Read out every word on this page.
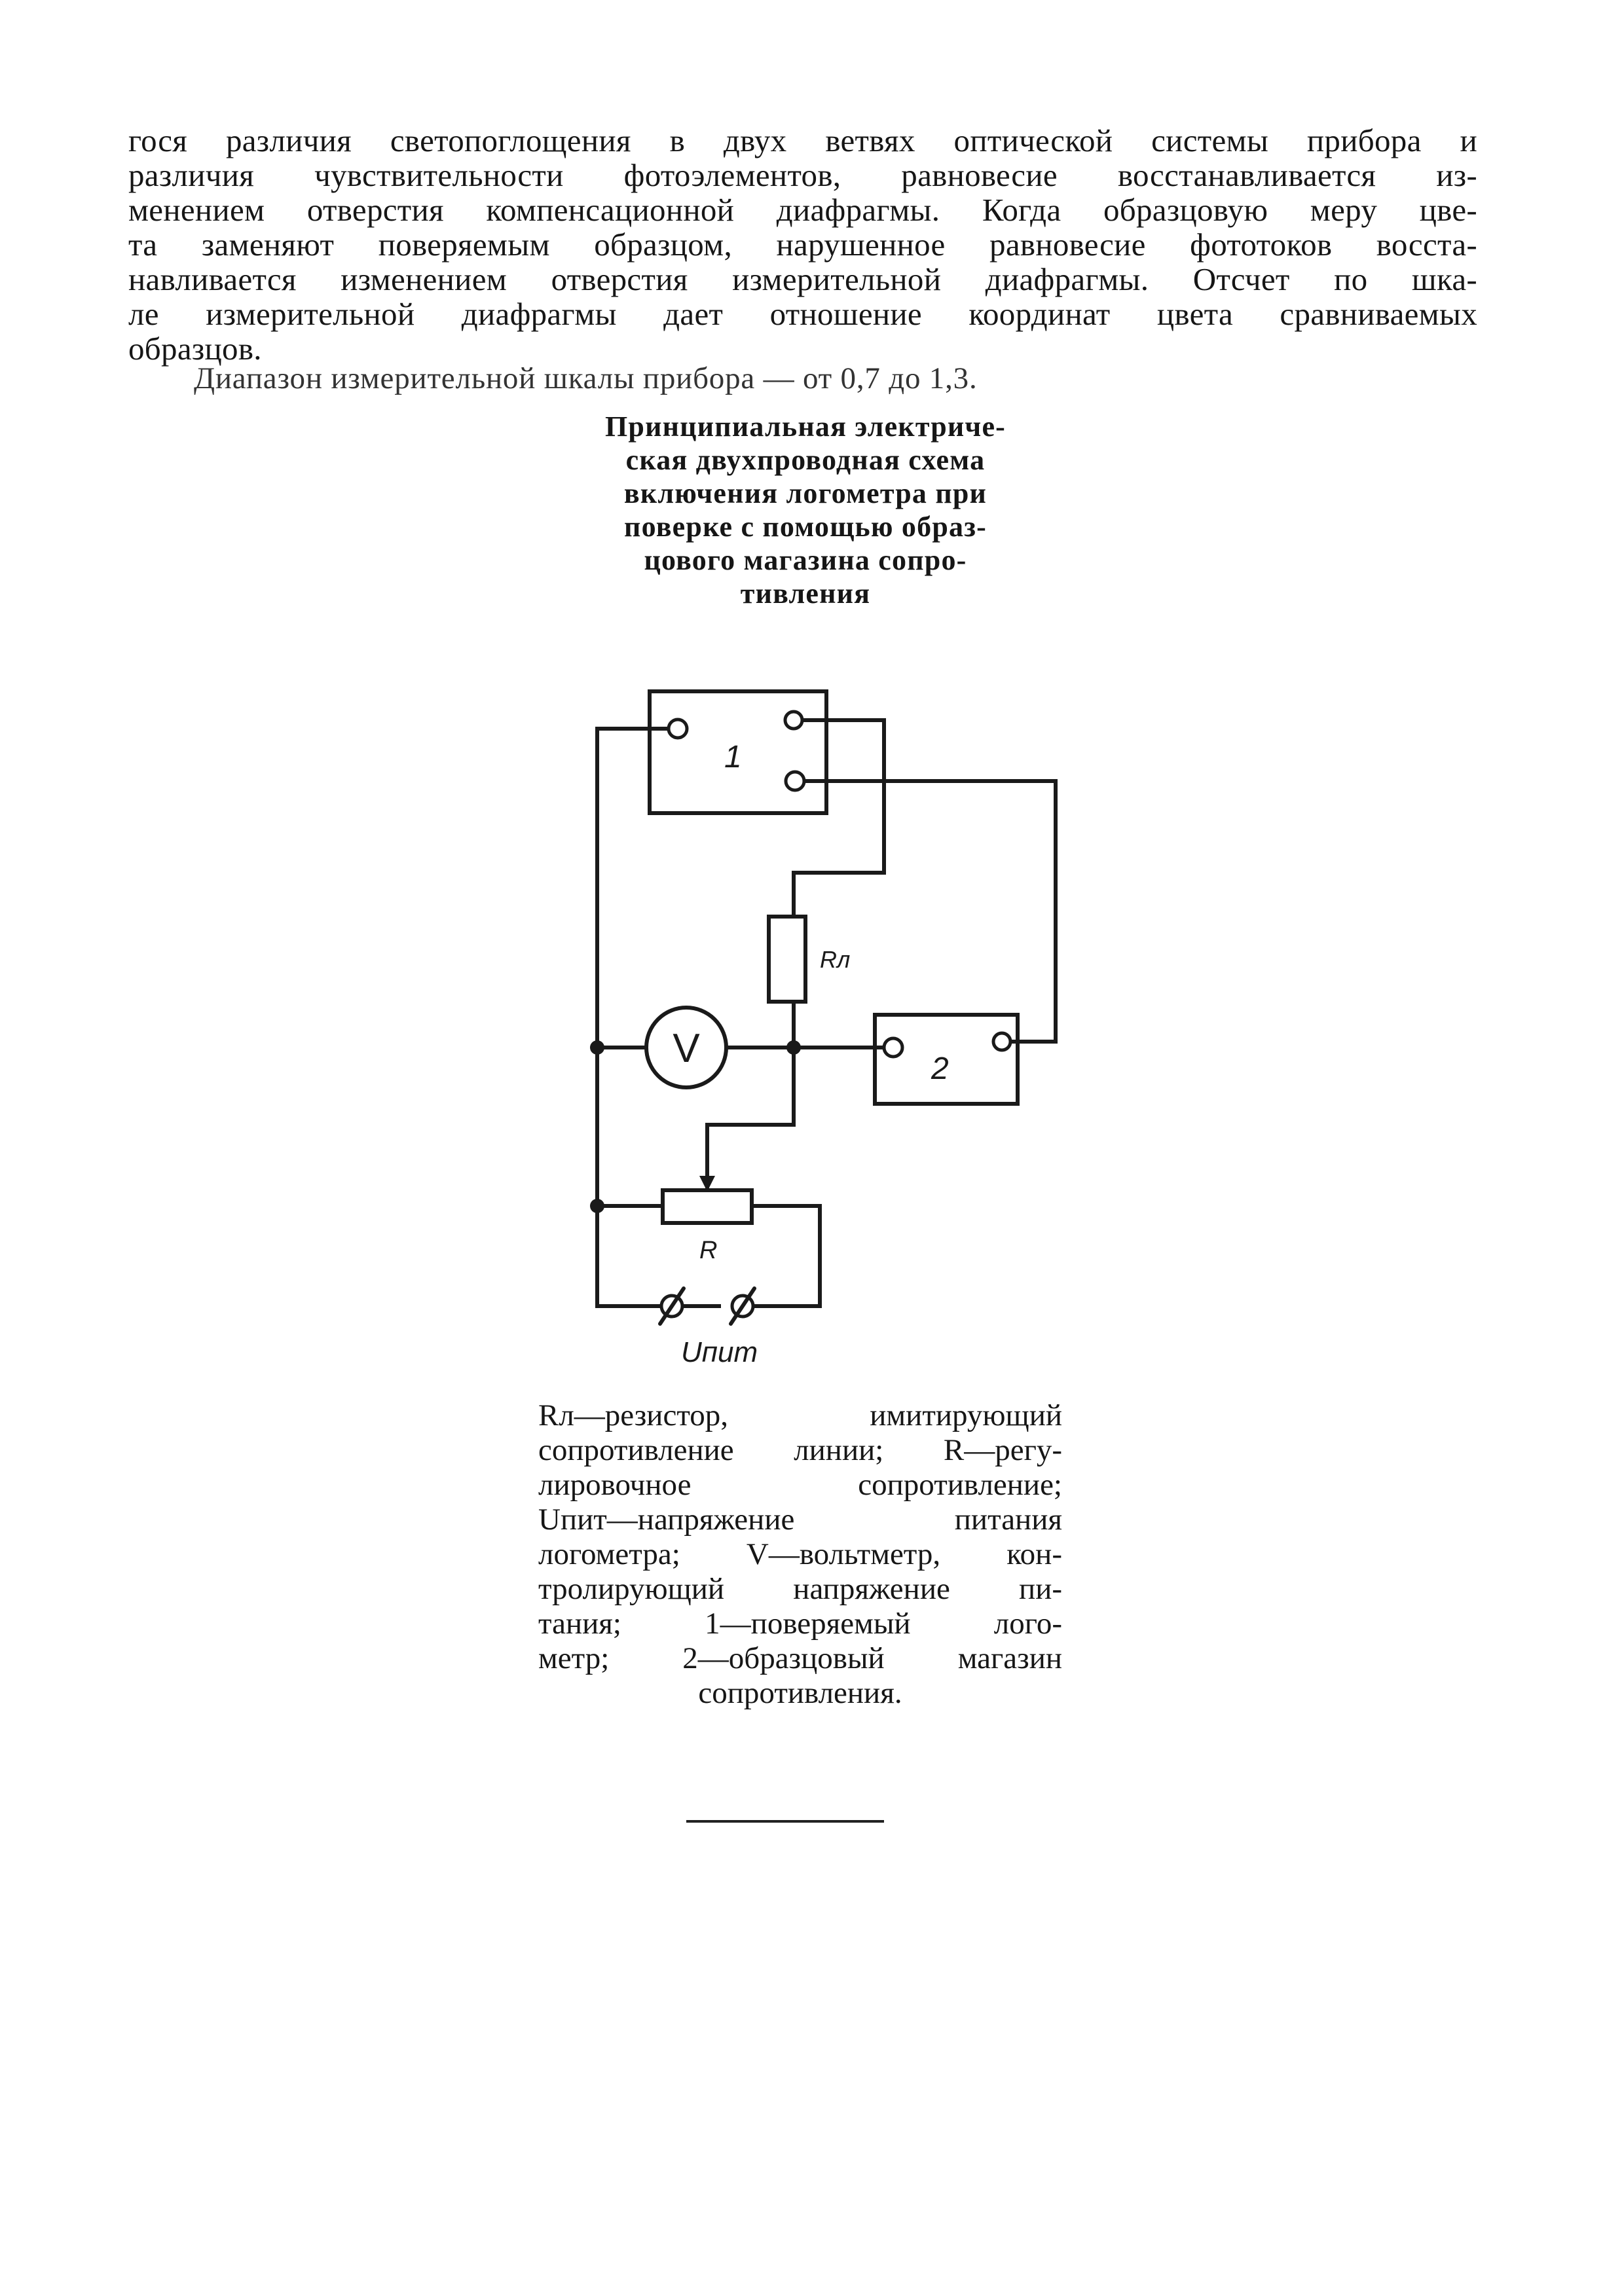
гося различия светопоглощения в двух ветвях оптической системы прибора и
различия чувствительности фотоэлементов, равновесие восстанавливается из-
менением отверстия компенсационной диафрагмы. Когда образцовую меру цве-
та заменяют поверяемым образцом, нарушенное равновесие фототоков восста-
навливается изменением отверстия измерительной диафрагмы. Отсчет по шка-
ле измерительной диафрагмы дает отношение координат цвета сравниваемых
образцов.

Диапазон измерительной шкалы прибора — от 0,7 до 1,3.

Принципиальная электриче-
ская двухпроводная схема
включения логометра при
поверке с помощью образ-
цового магазина сопро-
тивления
1
2
Rл
V
R
Uпит

Rл—резистор, имитирующий
сопротивление линии; R—регу-
лировочное сопротивление;
Uпит—напряжение питания
логометра; V—вольтметр, кон-
тролирующий напряжение пи-
тания; 1—поверяемый лого-
метр; 2—образцовый магазин
сопротивления.
